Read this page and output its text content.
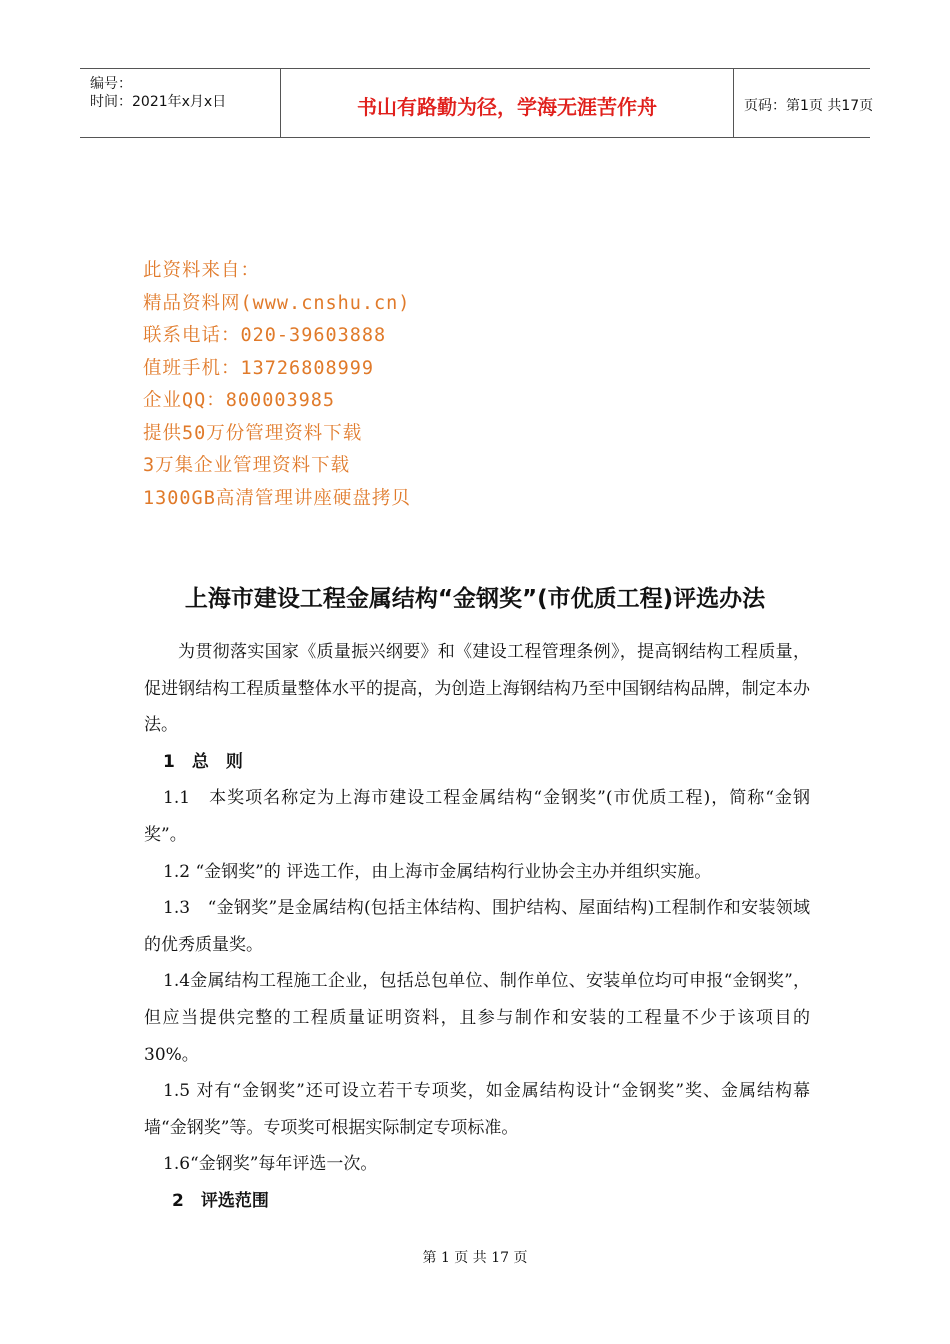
编号：
时间：2021年x月x日	书山有路勤为径，学海无涯苦作舟	页码：第1页 共17页
此资料来自：
精品资料网(www.cnshu.cn)
联系电话：020-39603888
值班手机：13726808999
企业QQ：800003985
提供50万份管理资料下载
3万集企业管理资料下载
1300GB高清管理讲座硬盘拷贝
上海市建设工程金属结构“金钢奖”(市优质工程)评选办法

为贯彻落实国家《质量振兴纲要》和《建设工程管理条例》，提高钢结构工程质量，促进钢结构工程质量整体水平的提高，为创造上海钢结构乃至中国钢结构品牌，制定本办法。

1　总　则

1.1　本奖项名称定为上海市建设工程金属结构“金钢奖”(市优质工程)，简称“金钢奖”。

1.2 “金钢奖”的 评选工作，由上海市金属结构行业协会主办并组织实施。

1.3　“金钢奖”是金属结构(包括主体结构、围护结构、屋面结构)工程制作和安装领域的优秀质量奖。

1.4金属结构工程施工企业，包括总包单位、制作单位、安装单位均可申报“金钢奖”，但应当提供完整的工程质量证明资料，且参与制作和安装的工程量不少于该项目的30%。

1.5 对有“金钢奖”还可设立若干专项奖，如金属结构设计“金钢奖”奖、金属结构幕墙“金钢奖”等。专项奖可根据实际制定专项标准。

1.6“金钢奖”每年评选一次。

2　评选范围

第 1 页 共 17 页
